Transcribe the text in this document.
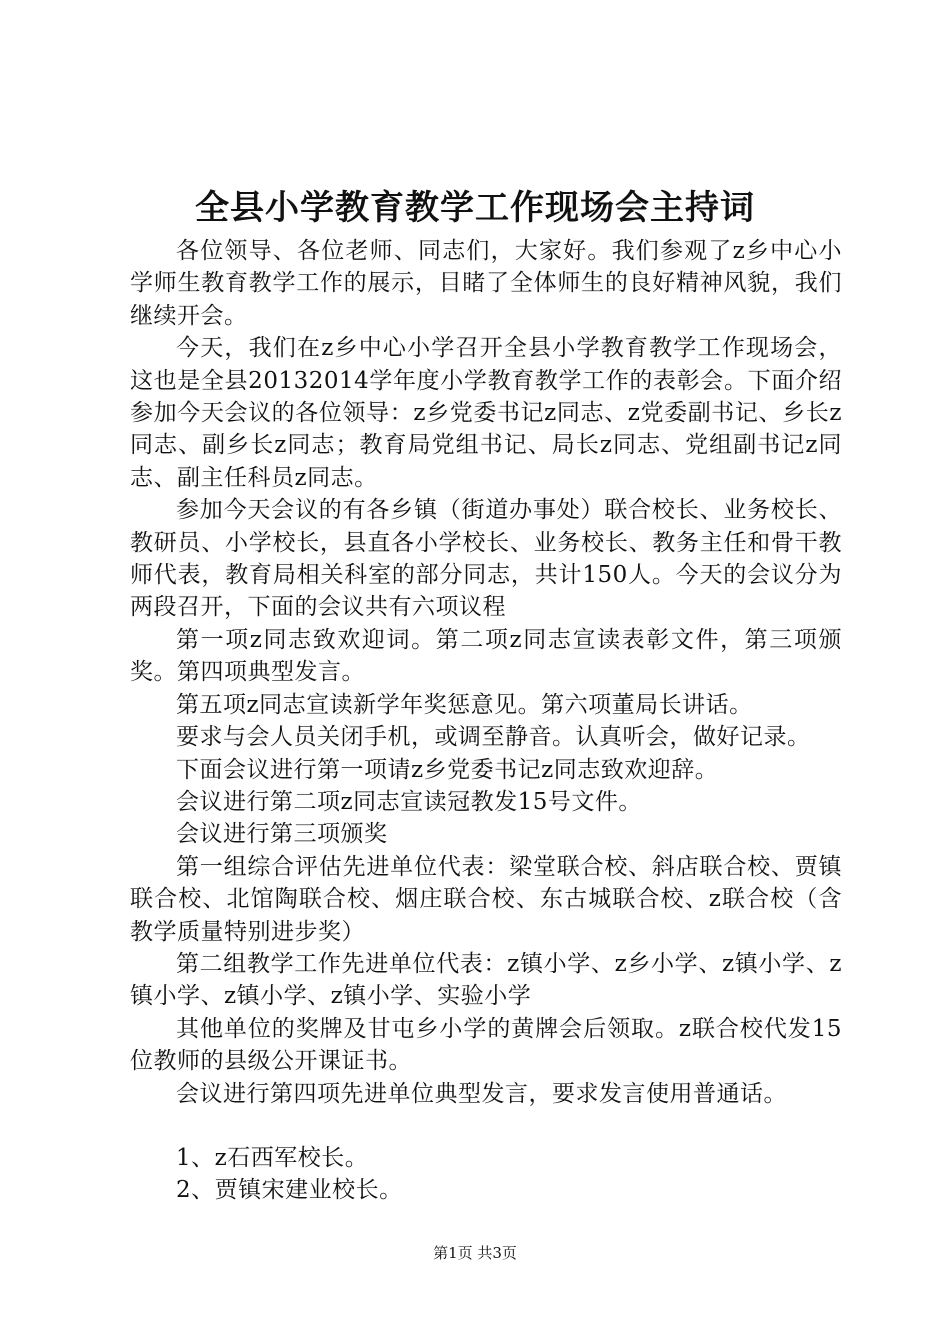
全县小学教育教学工作现场会主持词

各位领导、各位老师、同志们，大家好。我们参观了z乡中心小学师生教育教学工作的展示，目睹了全体师生的良好精神风貌，我们继续开会。

今天，我们在z乡中心小学召开全县小学教育教学工作现场会，这也是全县20132014学年度小学教育教学工作的表彰会。下面介绍参加今天会议的各位领导：z乡党委书记z同志、z党委副书记、乡长z同志、副乡长z同志；教育局党组书记、局长z同志、党组副书记z同志、副主任科员z同志。

参加今天会议的有各乡镇（街道办事处）联合校长、业务校长、教研员、小学校长，县直各小学校长、业务校长、教务主任和骨干教师代表，教育局相关科室的部分同志，共计150人。今天的会议分为两段召开，下面的会议共有六项议程

第一项z同志致欢迎词。第二项z同志宣读表彰文件，第三项颁奖。第四项典型发言。

第五项z同志宣读新学年奖惩意见。第六项董局长讲话。

要求与会人员关闭手机，或调至静音。认真听会，做好记录。

下面会议进行第一项请z乡党委书记z同志致欢迎辞。

会议进行第二项z同志宣读冠教发15号文件。

会议进行第三项颁奖

第一组综合评估先进单位代表：梁堂联合校、斜店联合校、贾镇联合校、北馆陶联合校、烟庄联合校、东古城联合校、z联合校（含教学质量特别进步奖）

第二组教学工作先进单位代表：z镇小学、z乡小学、z镇小学、z镇小学、z镇小学、z镇小学、实验小学

其他单位的奖牌及甘屯乡小学的黄牌会后领取。z联合校代发15位教师的县级公开课证书。

会议进行第四项先进单位典型发言，要求发言使用普通话。

1、z石西军校长。

2、贾镇宋建业校长。

第1页 共3页
